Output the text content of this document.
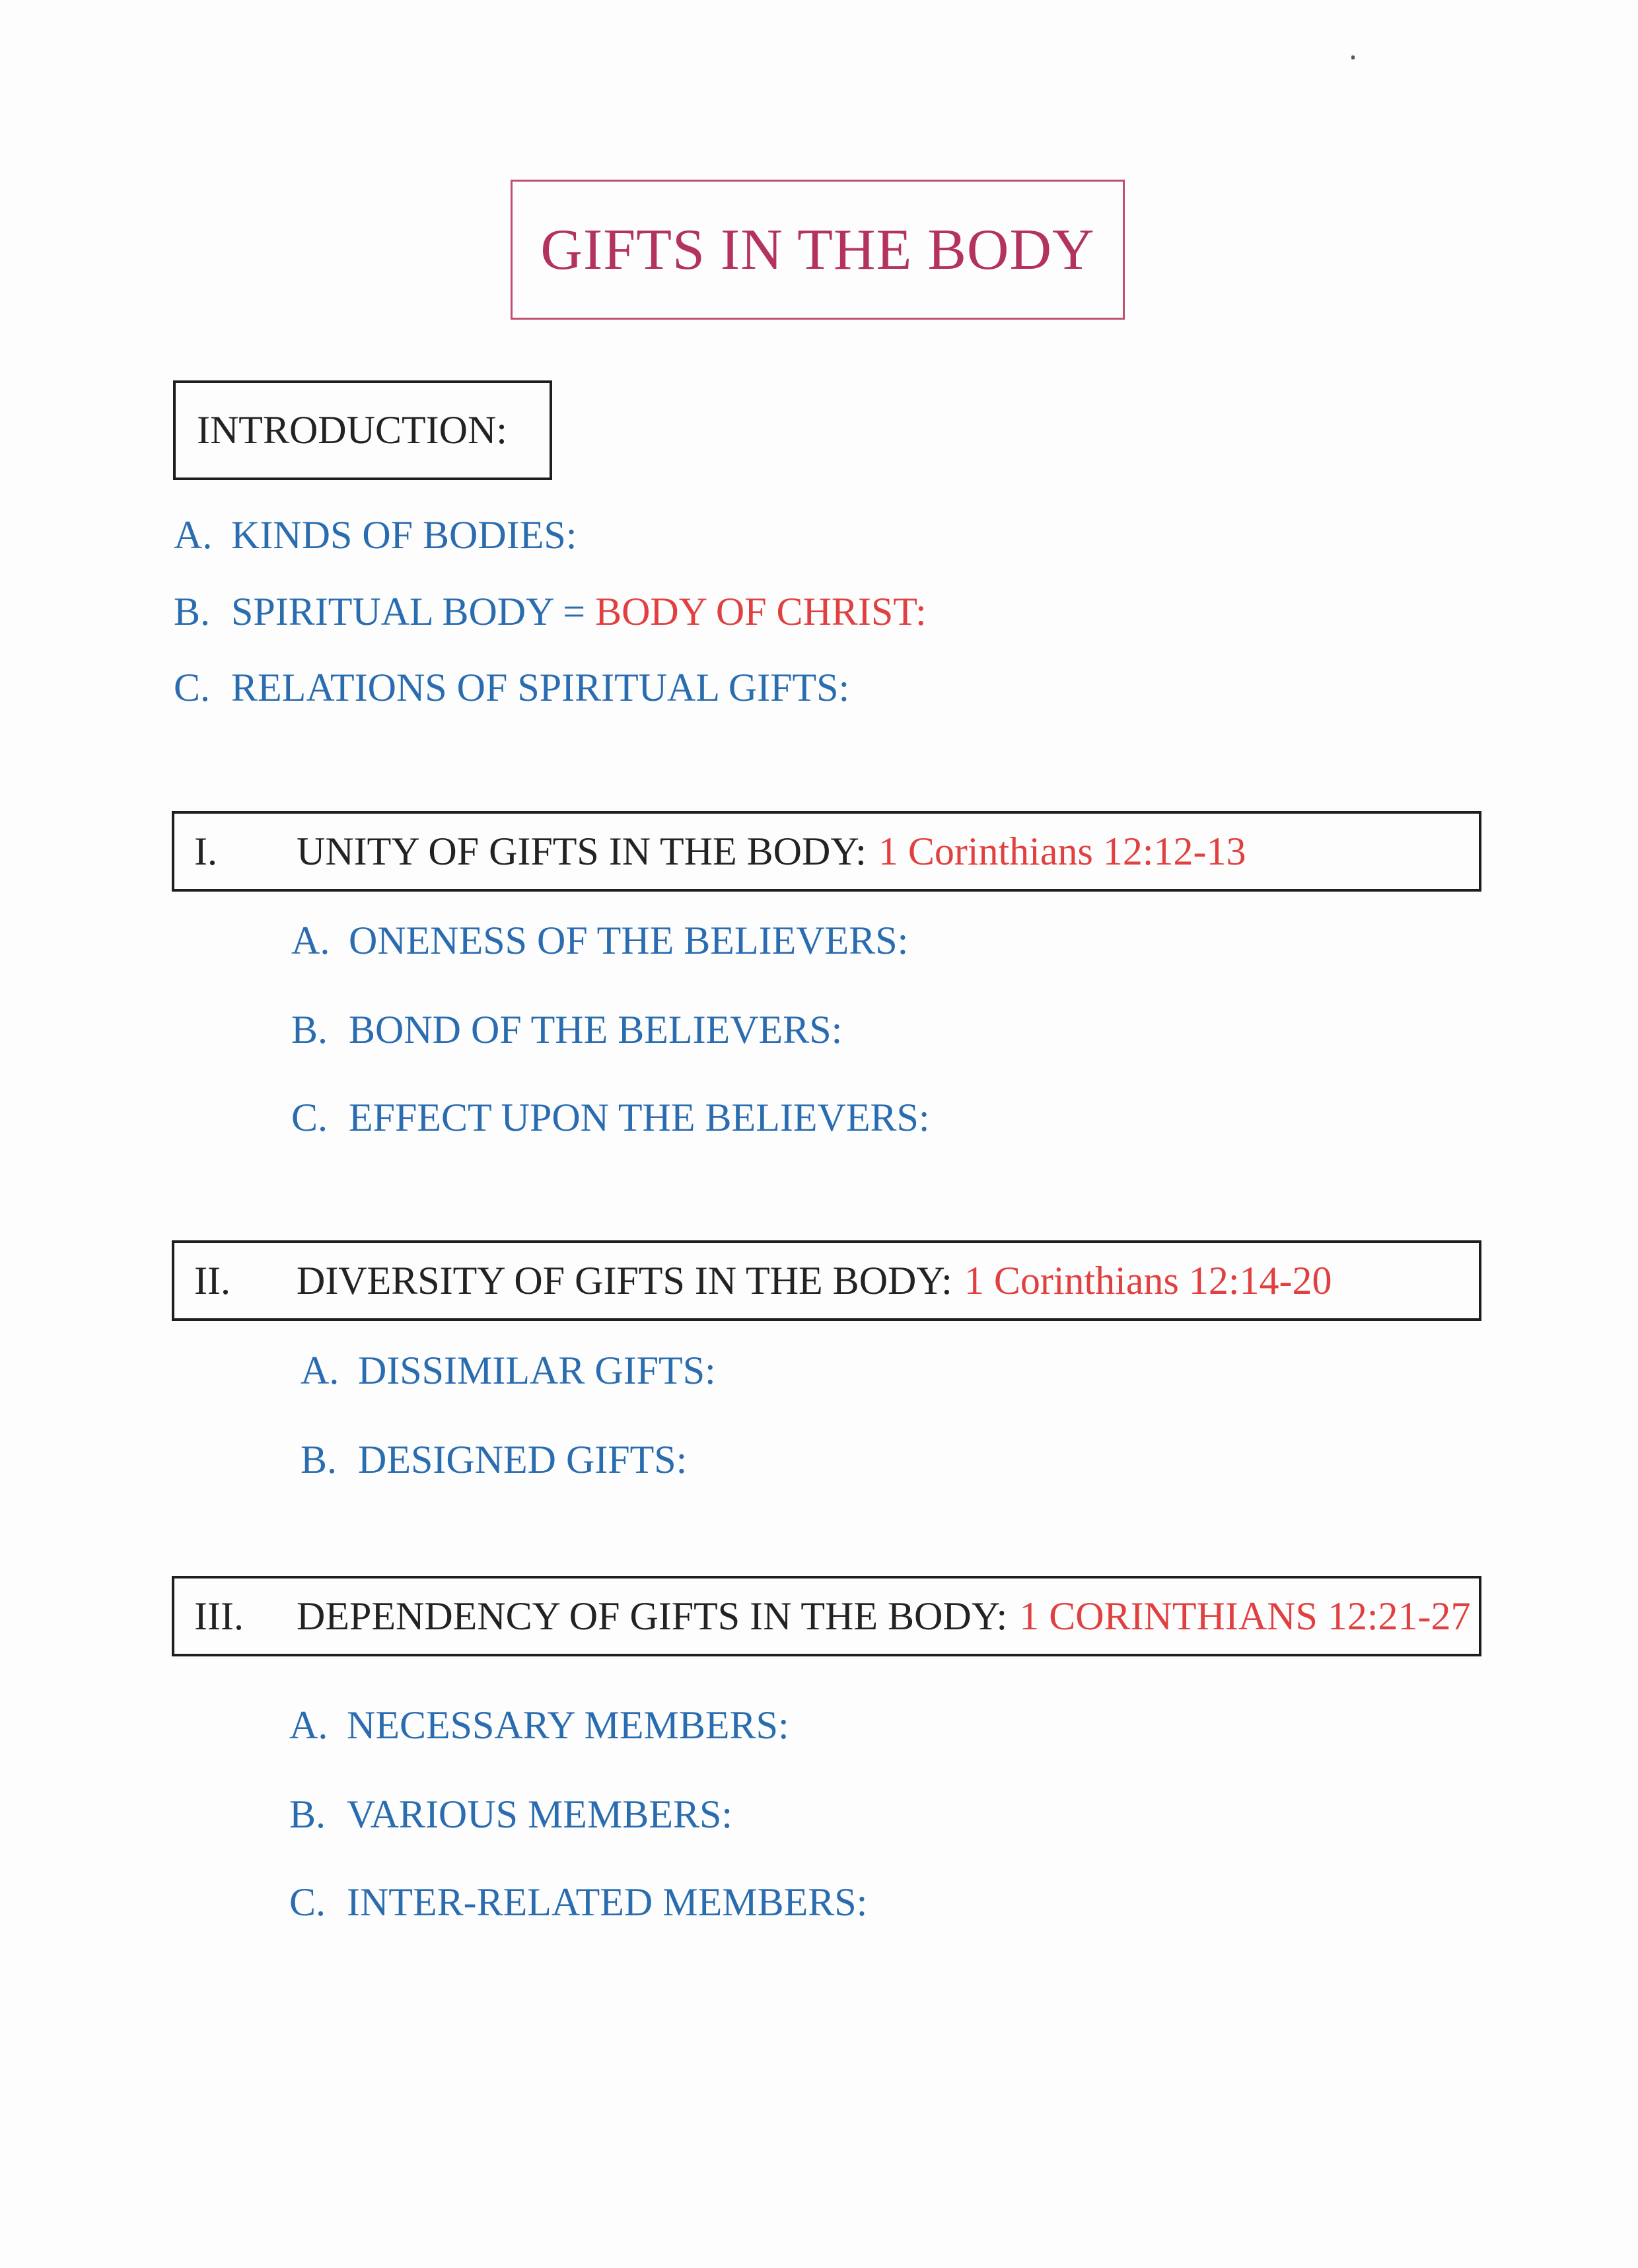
GIFTS IN THE BODY
INTRODUCTION:
A. KINDS OF BODIES:
B. SPIRITUAL BODY = BODY OF CHRIST:
C. RELATIONS OF SPIRITUAL GIFTS:
I.	UNITY OF GIFTS IN THE BODY: 1 Corinthians 12:12-13
A. ONENESS OF THE BELIEVERS:
B. BOND OF THE BELIEVERS:
C. EFFECT UPON THE BELIEVERS:
II.	DIVERSITY OF GIFTS IN THE BODY: 1 Corinthians 12:14-20
A. DISSIMILAR GIFTS:
B. DESIGNED GIFTS:
III.	DEPENDENCY OF GIFTS IN THE BODY: 1 CORINTHIANS 12:21-27
A. NECESSARY MEMBERS:
B. VARIOUS MEMBERS:
C. INTER-RELATED MEMBERS:
